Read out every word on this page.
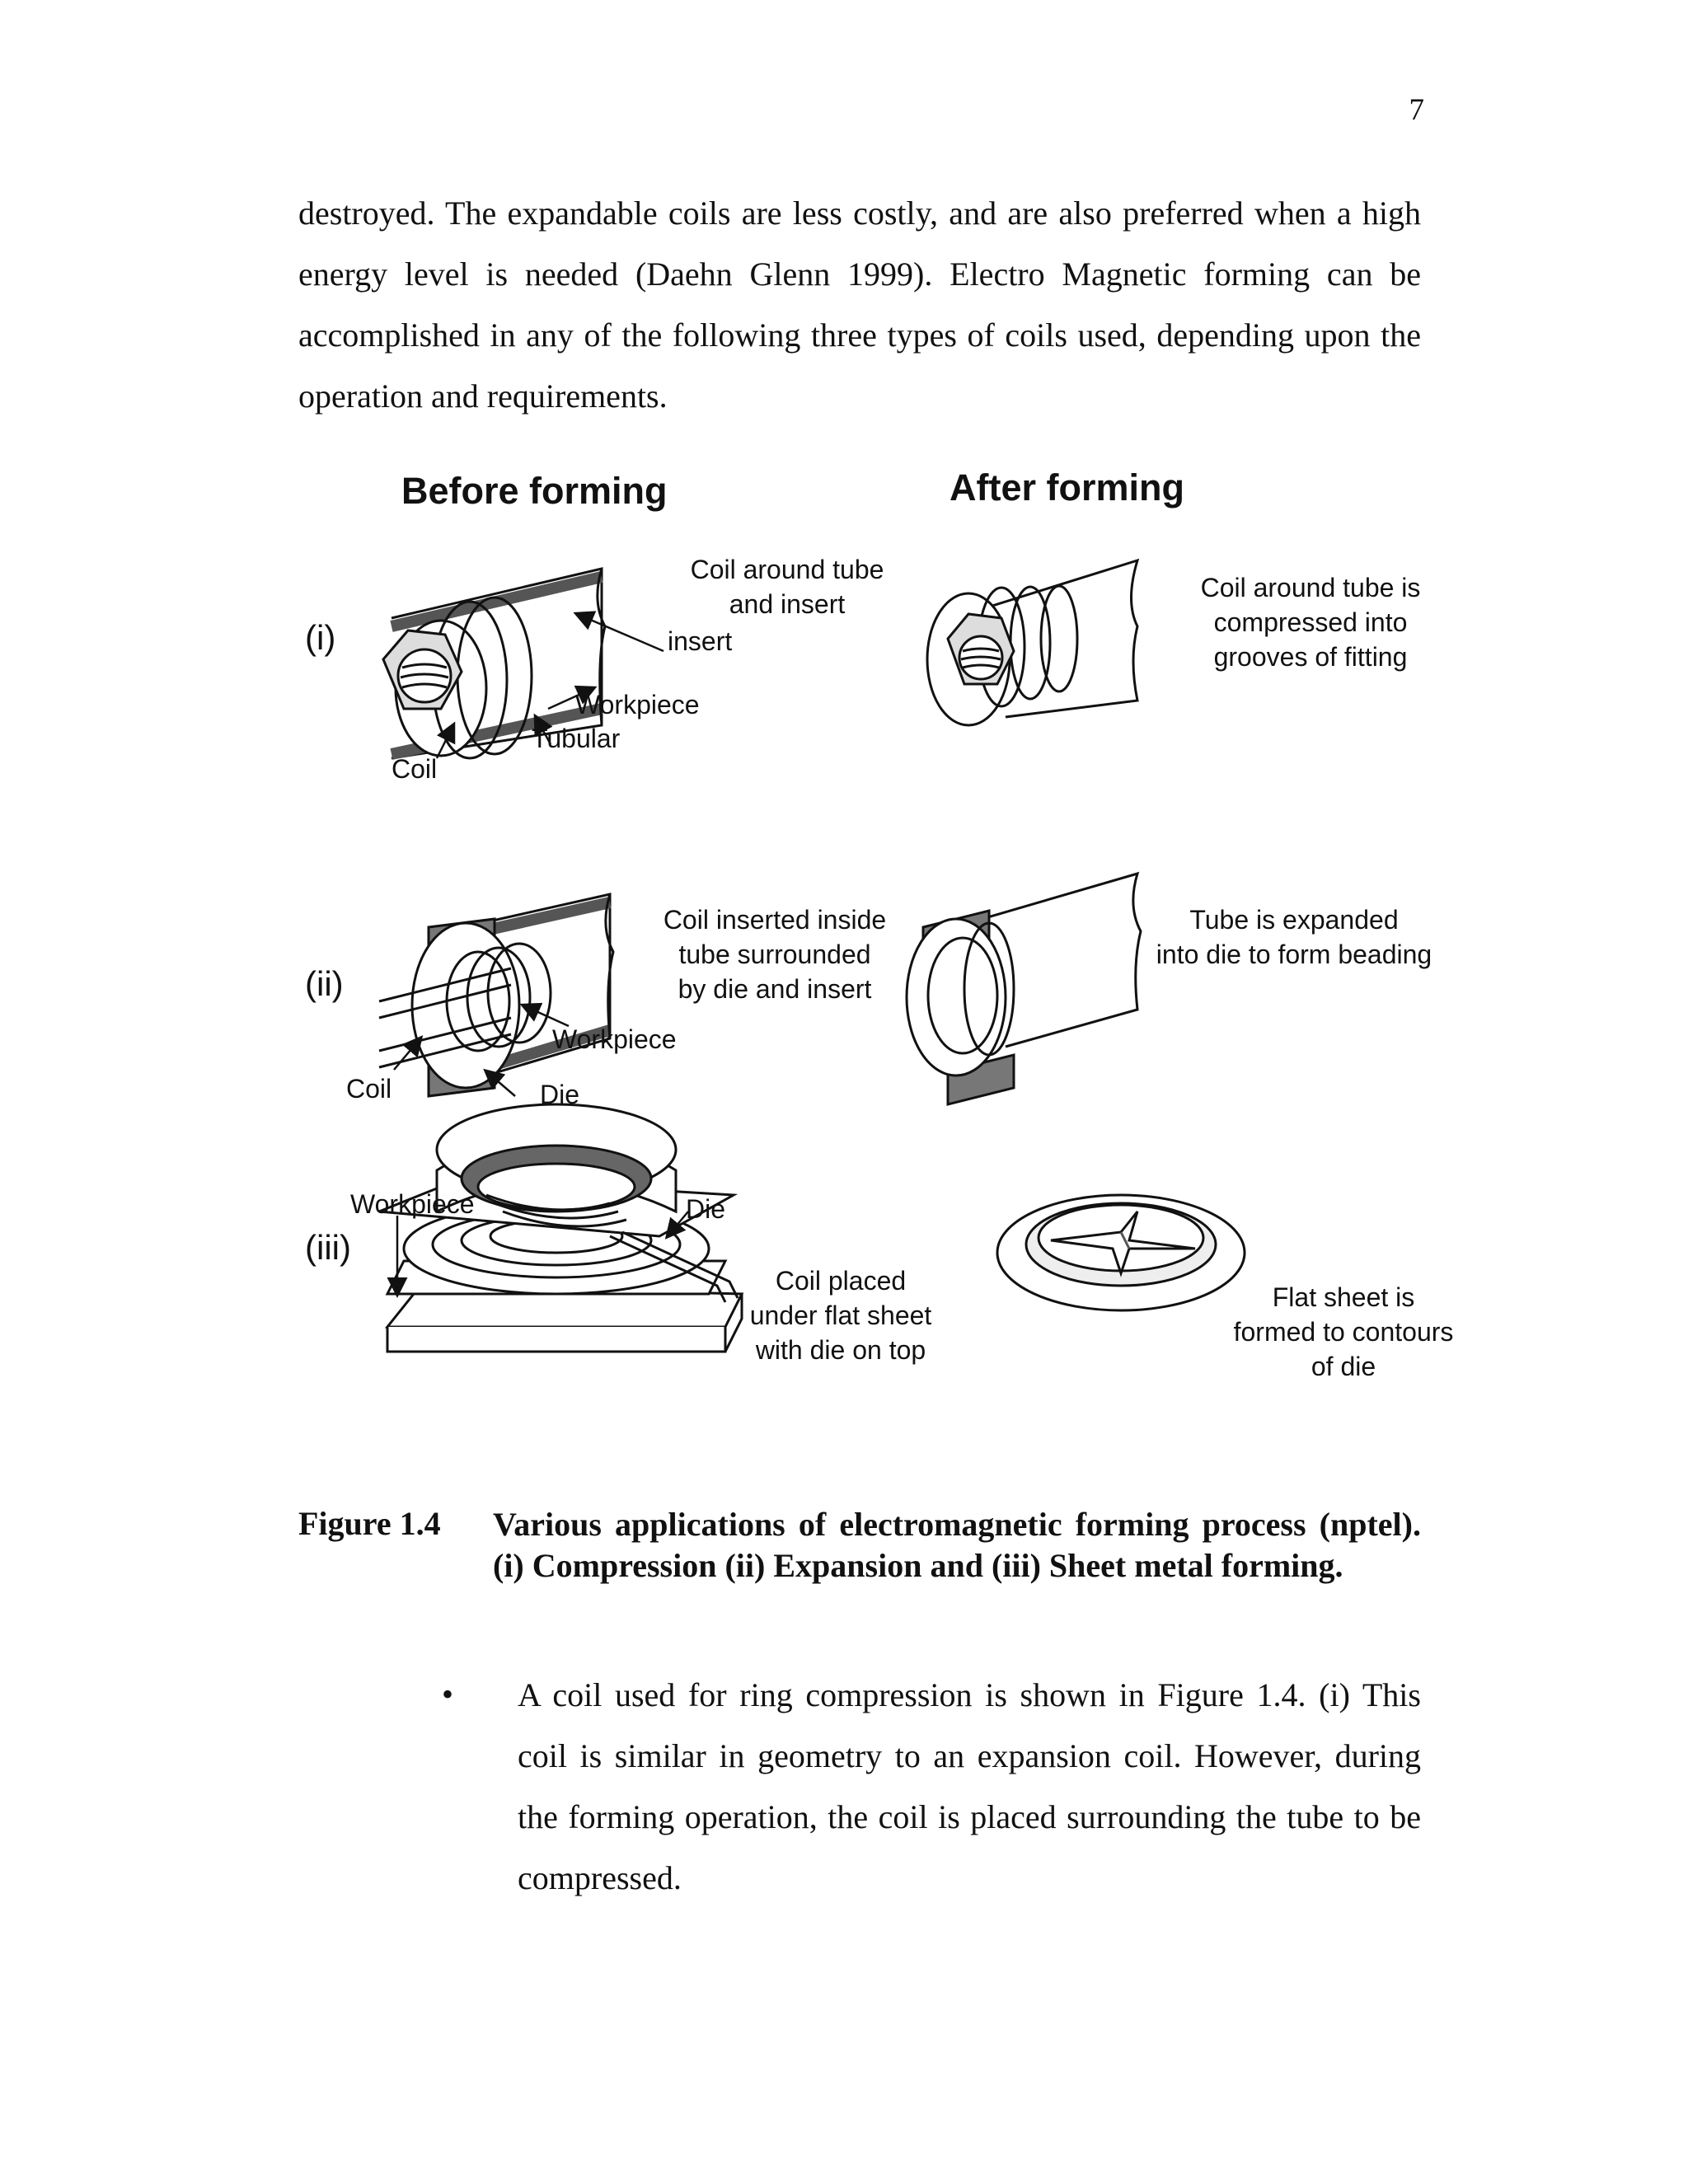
7

destroyed. The expandable coils are less costly, and are also preferred when a high energy level is needed (Daehn Glenn 1999). Electro Magnetic forming can be accomplished in any of the following three types of coils used, depending upon the operation and requirements.

Before forming	After forming
(i)
Coil around tube
and insert
insert
Workpiece
Tubular
Coil
Coil around tube is
compressed into
grooves of fitting
(ii)
Coil inserted inside
tube surrounded
by die and insert
Workpiece
Coil	Die
Tube is expanded
into die to form beading
(iii)
Workpiece	Die
Coil placed
under flat sheet
with die on top
Flat sheet is
formed to contours
of die
Figure 1.4 Various applications of electromagnetic forming process (nptel). (i) Compression (ii) Expansion and (iii) Sheet metal forming.

• A coil used for ring compression is shown in Figure 1.4. (i) This coil is similar in geometry to an expansion coil. However, during the forming operation, the coil is placed surrounding the tube to be compressed.
